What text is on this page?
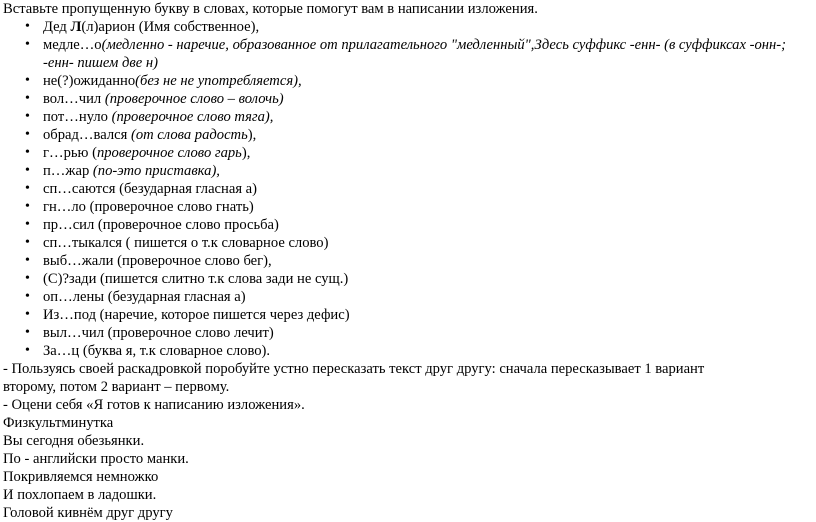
Вставьте пропущенную букву в словах, которые помогут вам в написании изложения.
• Дед Л(л)арион (Имя собственное),
• медле…о(медленно - наречие, образованное от прилагательного "медленный",Здесь суффикс -енн- (в суффиксах -онн-; -енн- пишем две н)
• не(?)ожиданно(без не не употребляется),
• вол…чил (проверочное слово – волочь)
• пот…нуло (проверочное слово тяга),
• обрад…вался (от слова радость),
• г…рью (проверочное слово гарь),
• п…жар (по-это приставка),
• сп…саются (безударная гласная а)
• гн…ло (проверочное слово гнать)
• пр…сил (проверочное слово просьба)
• сп…тыкался ( пишется о т.к словарное слово)
• выб…жали (проверочное слово бег),
• (С)?зади (пишется слитно т.к слова зади не сущ.)
• оп…лены (безударная гласная а)
• Из…под (наречие, которое пишется через дефис)
• выл…чил (проверочное слово лечит)
• За…ц (буква я, т.к словарное слово).
- Пользуясь своей раскадровкой поробуйте устно пересказать текст друг другу: сначала пересказывает 1 вариант
второму, потом 2 вариант – первому.
- Оцени себя «Я готов к написанию изложения».
Физкультминутка
Вы сегодня обезьянки.
По - английски просто манки.
Покривляемся немножко
И похлопаем в ладошки.
Головой кивнём друг другу
